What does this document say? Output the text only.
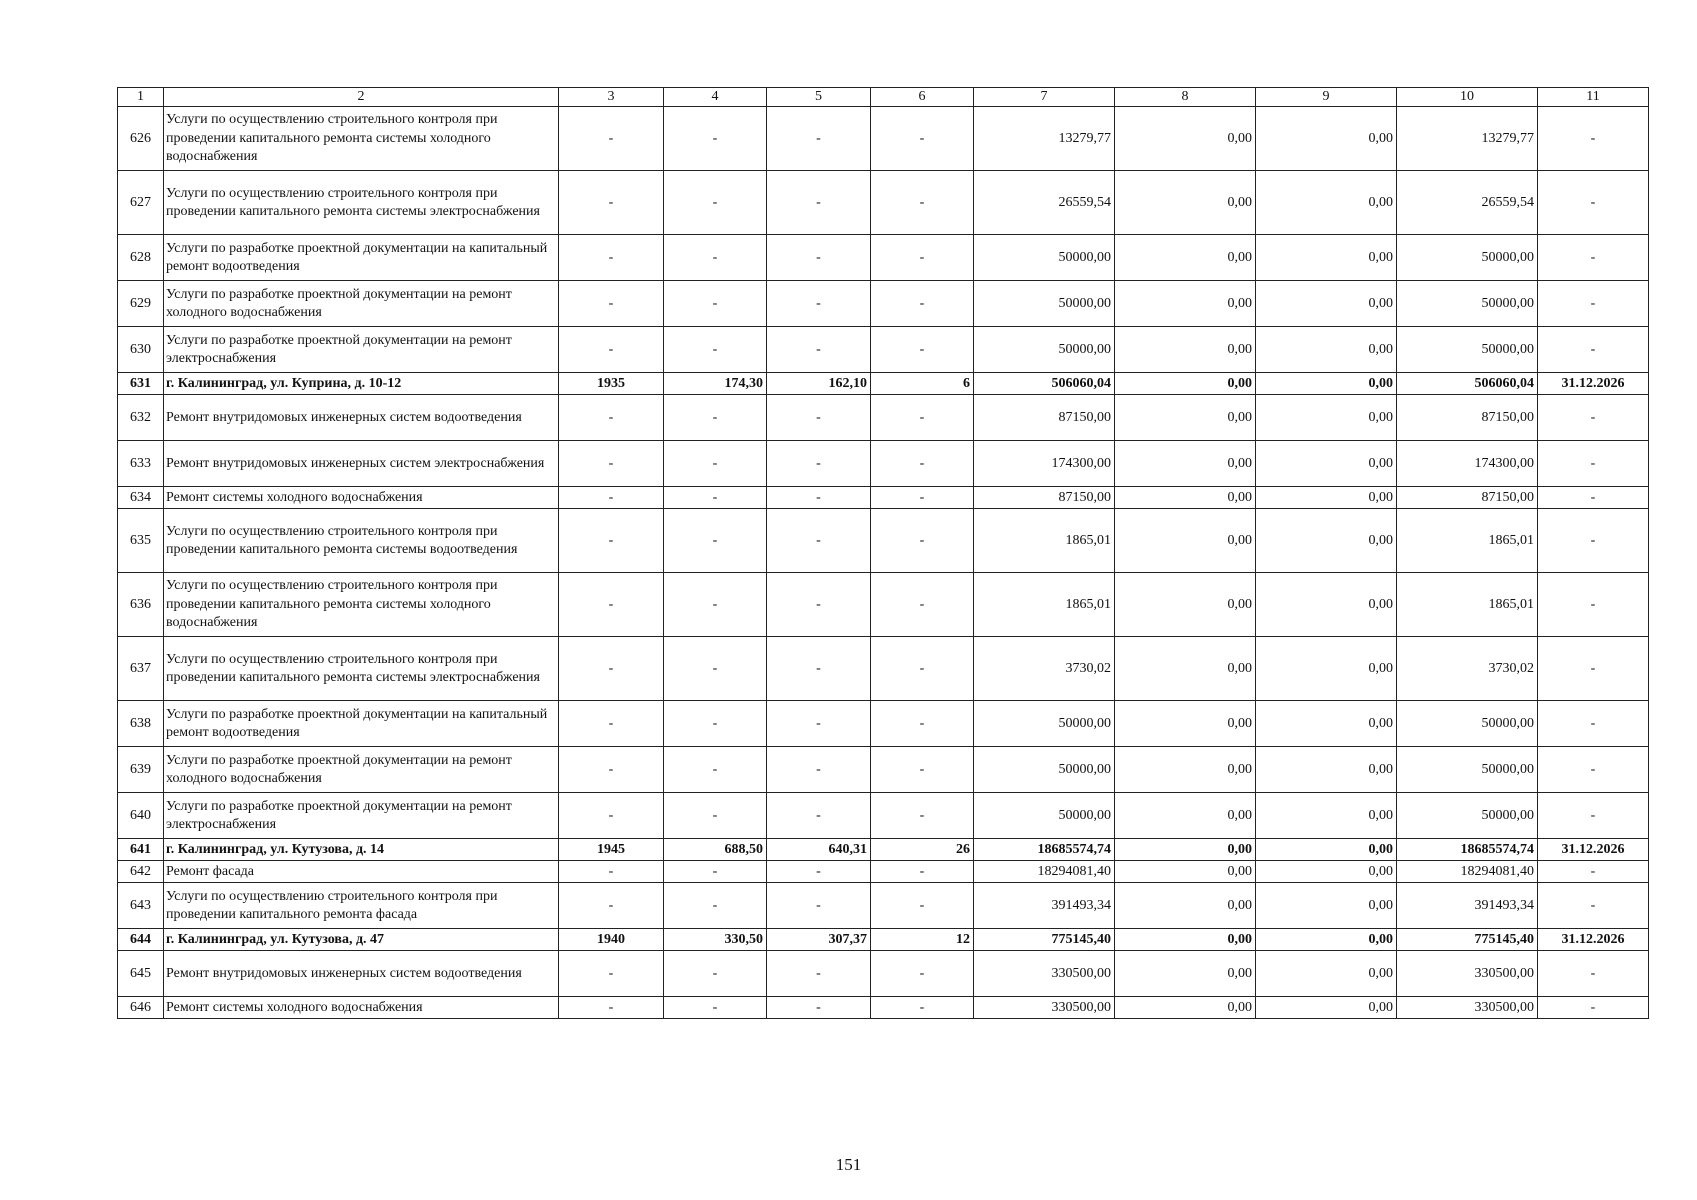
1	2	3	4	5	6	7	8	9	10	11
626	Услуги по осуществлению строительного контроля при проведении капитального ремонта системы холодного водоснабжения	-	-	-	-	13279,77	0,00	0,00	13279,77	-
627	Услуги по осуществлению строительного контроля при проведении капитального ремонта системы электроснабжения	-	-	-	-	26559,54	0,00	0,00	26559,54	-
628	Услуги по разработке проектной документации на капитальный ремонт водоотведения	-	-	-	-	50000,00	0,00	0,00	50000,00	-
629	Услуги по разработке проектной документации на ремонт холодного водоснабжения	-	-	-	-	50000,00	0,00	0,00	50000,00	-
630	Услуги по разработке проектной документации на ремонт электроснабжения	-	-	-	-	50000,00	0,00	0,00	50000,00	-
631	г. Калининград, ул. Куприна, д. 10-12	1935	174,30	162,10	6	506060,04	0,00	0,00	506060,04	31.12.2026
632	Ремонт внутридомовых инженерных систем водоотведения	-	-	-	-	87150,00	0,00	0,00	87150,00	-
633	Ремонт внутридомовых инженерных систем электроснабжения	-	-	-	-	174300,00	0,00	0,00	174300,00	-
634	Ремонт системы холодного водоснабжения	-	-	-	-	87150,00	0,00	0,00	87150,00	-
635	Услуги по осуществлению строительного контроля при проведении капитального ремонта системы водоотведения	-	-	-	-	1865,01	0,00	0,00	1865,01	-
636	Услуги по осуществлению строительного контроля при проведении капитального ремонта системы холодного водоснабжения	-	-	-	-	1865,01	0,00	0,00	1865,01	-
637	Услуги по осуществлению строительного контроля при проведении капитального ремонта системы электроснабжения	-	-	-	-	3730,02	0,00	0,00	3730,02	-
638	Услуги по разработке проектной документации на капитальный ремонт водоотведения	-	-	-	-	50000,00	0,00	0,00	50000,00	-
639	Услуги по разработке проектной документации на ремонт холодного водоснабжения	-	-	-	-	50000,00	0,00	0,00	50000,00	-
640	Услуги по разработке проектной документации на ремонт электроснабжения	-	-	-	-	50000,00	0,00	0,00	50000,00	-
641	г. Калининград, ул. Кутузова, д. 14	1945	688,50	640,31	26	18685574,74	0,00	0,00	18685574,74	31.12.2026
642	Ремонт фасада	-	-	-	-	18294081,40	0,00	0,00	18294081,40	-
643	Услуги по осуществлению строительного контроля при проведении капитального ремонта фасада	-	-	-	-	391493,34	0,00	0,00	391493,34	-
644	г. Калининград, ул. Кутузова, д. 47	1940	330,50	307,37	12	775145,40	0,00	0,00	775145,40	31.12.2026
645	Ремонт внутридомовых инженерных систем водоотведения	-	-	-	-	330500,00	0,00	0,00	330500,00	-
646	Ремонт системы холодного водоснабжения	-	-	-	-	330500,00	0,00	0,00	330500,00	-
151
